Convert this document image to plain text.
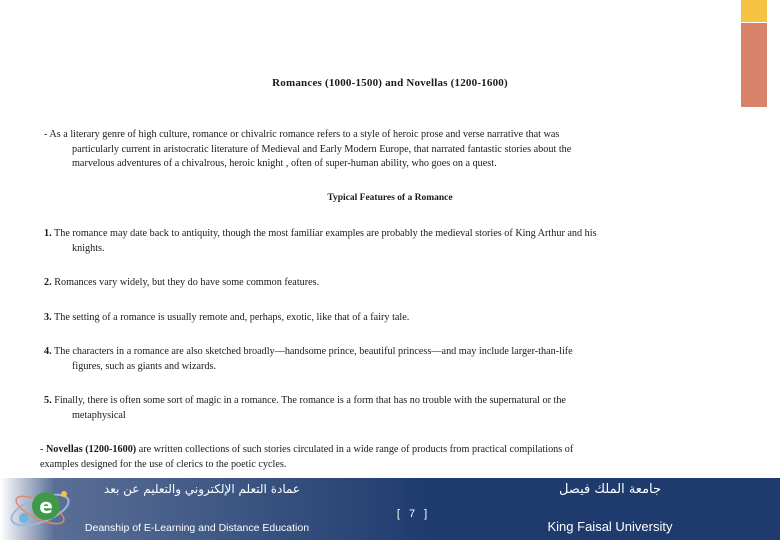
Romances (1000-1500) and Novellas (1200-1600)
- As a literary genre of high culture, romance or chivalric romance refers to a style of heroic prose and verse narrative that was
particularly current in aristocratic literature of Medieval and Early Modern Europe, that narrated fantastic stories about the
marvelous adventures of a chivalrous, heroic knight , often of super-human ability, who goes on a quest.
Typical Features of a Romance
1. The romance may date back to antiquity, though the most familiar examples are probably the medieval stories of King Arthur and his
knights.
2. Romances vary widely, but they do have some common features.
3. The setting of a romance is usually remote and, perhaps, exotic, like that of a fairy tale.
4. The characters in a romance are also sketched broadly—handsome prince, beautiful princess—and may include larger-than-life
figures, such as giants and wizards.
5. Finally, there is often some sort of magic in a romance. The romance is a form that has no trouble with the supernatural or the
metaphysical
- Novellas (1200-1600) are written collections of such stories circulated in a wide range of products from practical compilations of
examples designed for the use of clerics to the poetic cycles.
e
عمادة التعلم الإلكتروني والتعليم عن بعد
Deanship of E-Learning and Distance Education
[ 7 ]
جامعة الملك فيصل
King Faisal University
